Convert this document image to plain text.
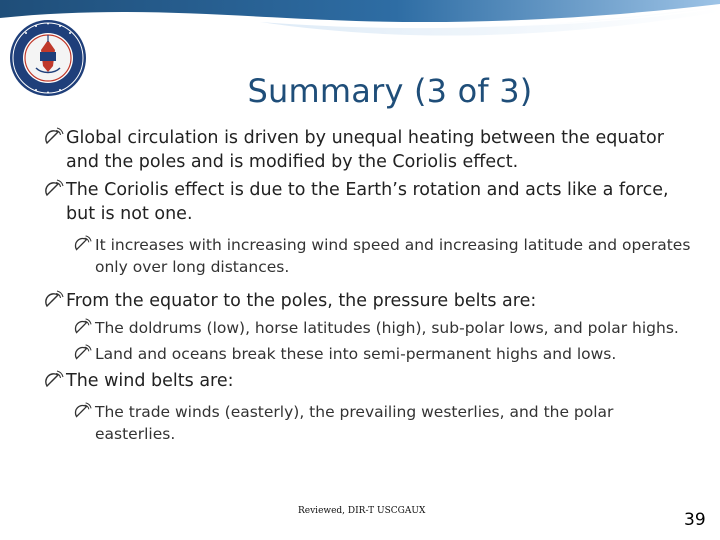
Summary (3 of 3)
Global circulation is driven by unequal heating between the equator and the poles and is modified by the Coriolis effect.
The Coriolis effect is due to the Earth’s rotation and acts like a force, but is not one.
It increases with increasing wind speed and increasing latitude and operates only over long distances.
From the equator to the poles, the pressure belts are:
The doldrums (low), horse latitudes (high), sub-polar lows, and polar highs.
Land and oceans break these into semi-permanent highs and lows.
The wind belts are:
The trade winds (easterly), the prevailing westerlies, and the polar easterlies.
Reviewed, DIR-T USCGAUX	39
